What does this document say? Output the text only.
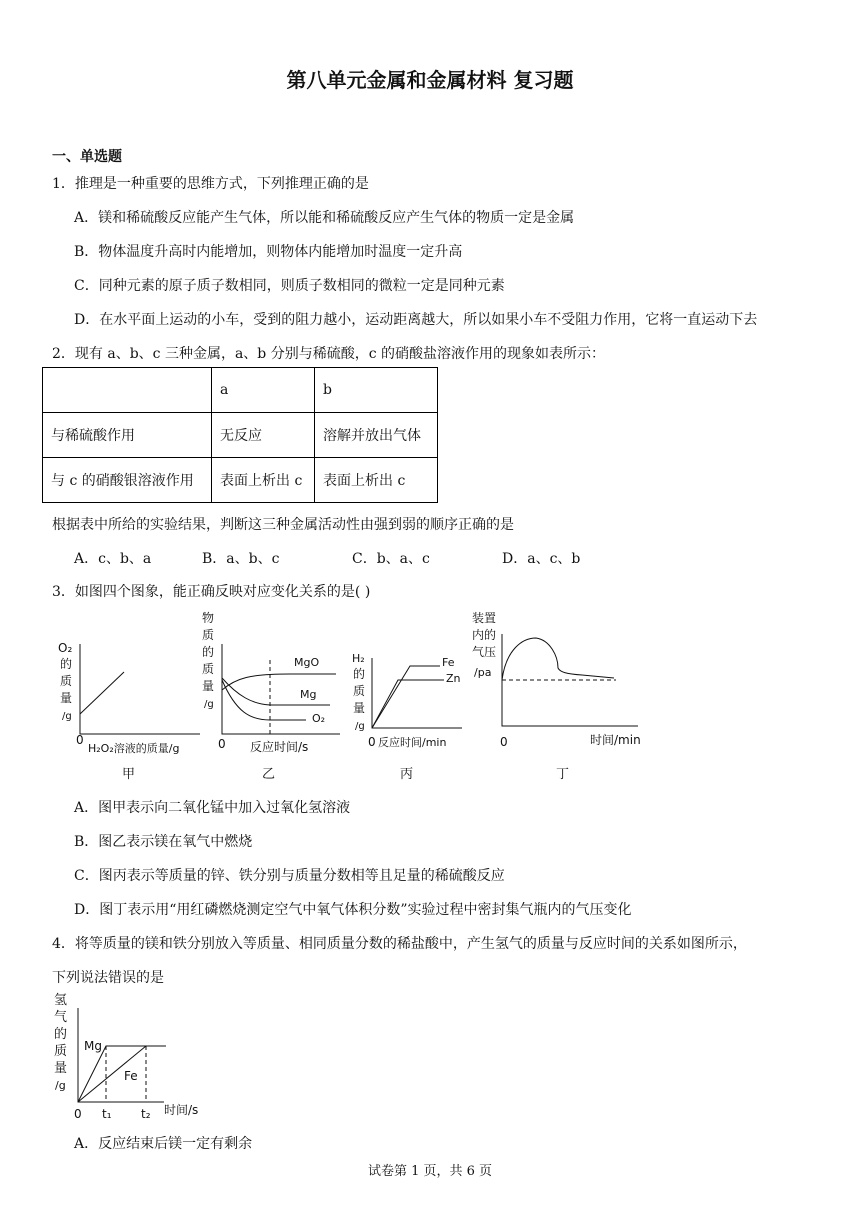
第八单元金属和金属材料 复习题
一、单选题
1．推理是一种重要的思维方式，下列推理正确的是
A．镁和稀硫酸反应能产生气体，所以能和稀硫酸反应产生气体的物质一定是金属
B．物体温度升高时内能增加，则物体内能增加时温度一定升高
C．同种元素的原子质子数相同，则质子数相同的微粒一定是同种元素
D．在水平面上运动的小车，受到的阻力越小，运动距离越大，所以如果小车不受阻力作用，它将一直运动下去
2．现有 a、b、c 三种金属，a、b 分别与稀硫酸，c 的硝酸盐溶液作用的现象如表所示：
	a	b
与稀硫酸作用	无反应	溶解并放出气体
与 c 的硝酸银溶液作用	表面上析出 c	表面上析出 c
根据表中所给的实验结果，判断这三种金属活动性由强到弱的顺序正确的是
A．c、b、a	B．a、b、c	C．b、a、c	D．a、c、b
3．如图四个图象，能正确反映对应变化关系的是( )
O₂
的
质
量
/g
0
H₂O₂溶液的质量/g
甲
物
质
的
质
量
/g
0 反应时间/s
MgO
Mg
O₂
乙
H₂
的
质
量
/g
0 反应时间/min
Fe
Zn
丙
装置
内的
气压
/pa
0	时间/min
丁
A．图甲表示向二氧化锰中加入过氧化氢溶液
B．图乙表示镁在氧气中燃烧
C．图丙表示等质量的锌、铁分别与质量分数相等且足量的稀硫酸反应
D．图丁表示用“用红磷燃烧测定空气中氧气体积分数”实验过程中密封集气瓶内的气压变化
4．将等质量的镁和铁分别放入等质量、相同质量分数的稀盐酸中，产生氢气的质量与反应时间的关系如图所示，
下列说法错误的是
氢
气
的
质
量
/g
0 t₁ t₂ 时间/s
Mg
Fe
A．反应结束后镁一定有剩余
试卷第 1 页，共 6 页
